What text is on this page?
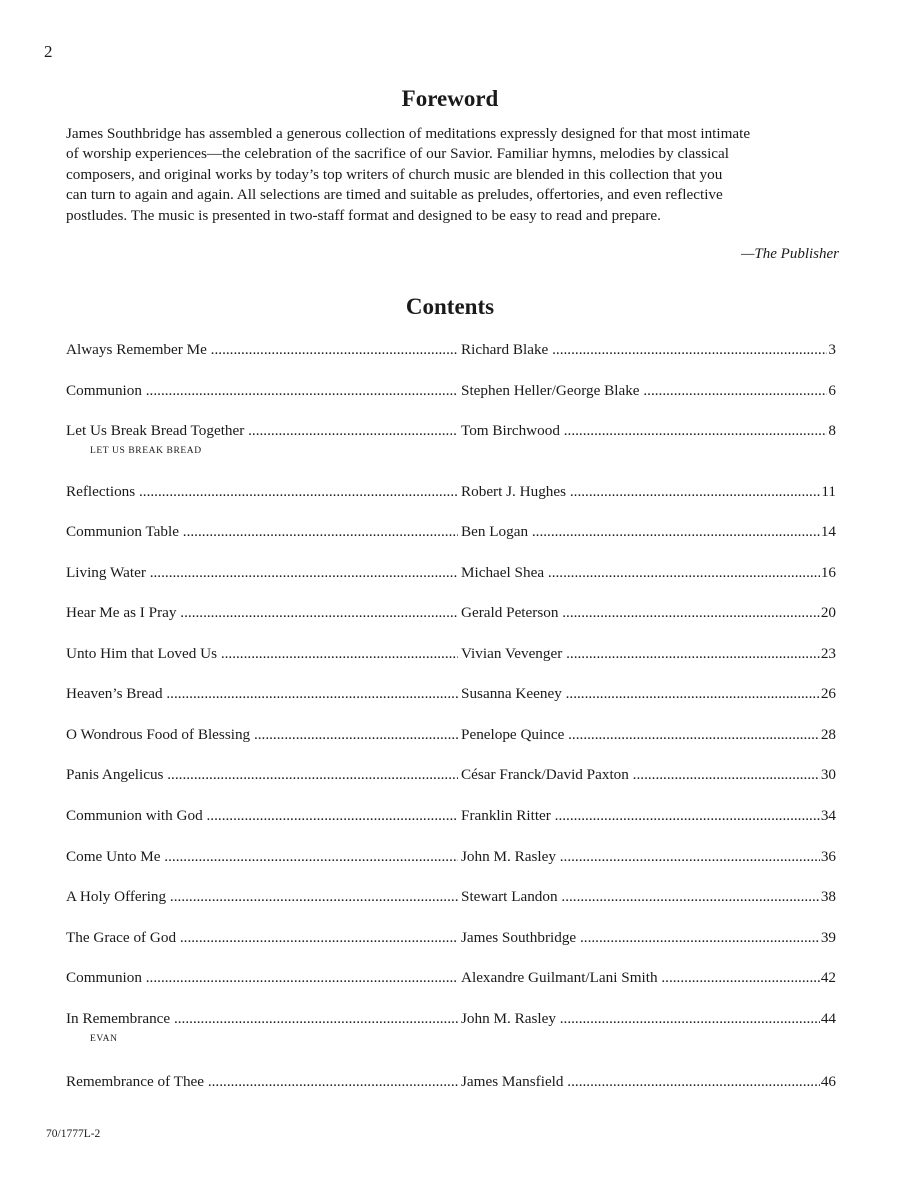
2
Foreword

James Southbridge has assembled a generous collection of meditations expressly designed for that most intimate
of worship experiences—the celebration of the sacrifice of our Savior. Familiar hymns, melodies by classical
composers, and original works by today’s top writers of church music are blended in this collection that you
can turn to again and again. All selections are timed and suitable as preludes, offertories, and even reflective
postludes. The music is presented in two-staff format and designed to be easy to read and prepare.

—The Publisher
Contents
Always Remember Me .....	Richard Blake .....	3
Communion .....	Stephen Heller/George Blake .....	6
Let Us Break Bread Together .....	Tom Birchwood .....	8
LET US BREAK BREAD
Reflections .....	Robert J. Hughes .....	11
Communion Table .....	Ben Logan .....	14
Living Water .....	Michael Shea .....	16
Hear Me as I Pray .....	Gerald Peterson .....	20
Unto Him that Loved Us .....	Vivian Vevenger .....	23
Heaven’s Bread .....	Susanna Keeney .....	26
O Wondrous Food of Blessing .....	Penelope Quince .....	28
Panis Angelicus .....	César Franck/David Paxton .....	30
Communion with God .....	Franklin Ritter .....	34
Come Unto Me .....	John M. Rasley .....	36
A Holy Offering .....	Stewart Landon .....	38
The Grace of God .....	James Southbridge .....	39
Communion .....	Alexandre Guilmant/Lani Smith .....	42
In Remembrance .....	John M. Rasley .....	44
EVAN
Remembrance of Thee .....	James Mansfield .....	46
70/1777L-2
